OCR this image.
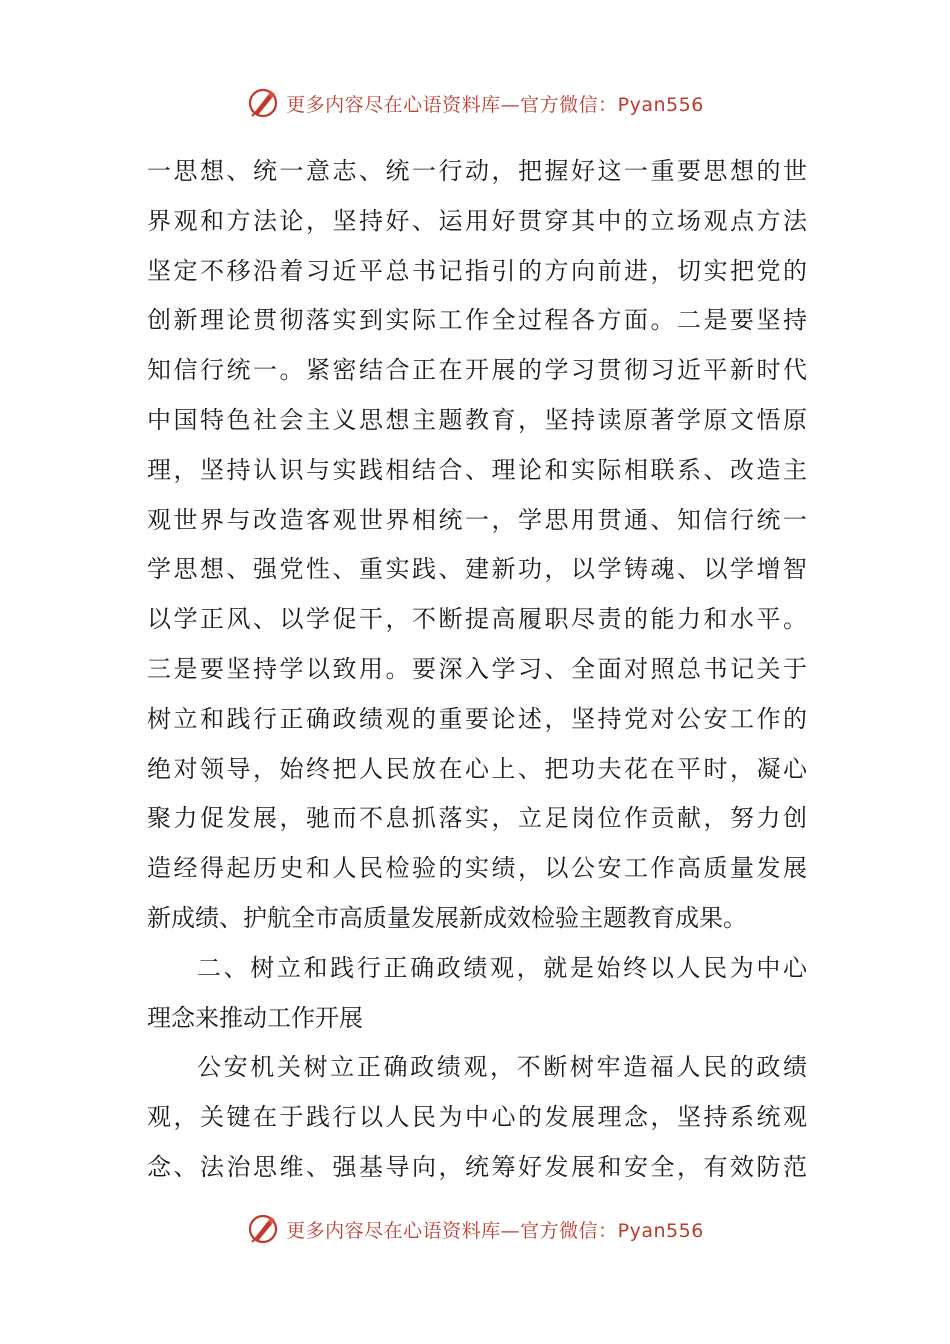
更多内容尽在心语资料库—官方微信：Pyan556
一思想、统一意志、统一行动，把握好这一重要思想的世
界观和方法论，坚持好、运用好贯穿其中的立场观点方法
坚定不移沿着习近平总书记指引的方向前进，切实把党的
创新理论贯彻落实到实际工作全过程各方面。二是要坚持
知信行统一。紧密结合正在开展的学习贯彻习近平新时代
中国特色社会主义思想主题教育，坚持读原著学原文悟原
理，坚持认识与实践相结合、理论和实际相联系、改造主
观世界与改造客观世界相统一，学思用贯通、知信行统一
学思想、强党性、重实践、建新功，以学铸魂、以学增智
以学正风、以学促干，不断提高履职尽责的能力和水平。
三是要坚持学以致用。要深入学习、全面对照总书记关于
树立和践行正确政绩观的重要论述，坚持党对公安工作的
绝对领导，始终把人民放在心上、把功夫花在平时，凝心
聚力促发展，驰而不息抓落实，立足岗位作贡献，努力创
造经得起历史和人民检验的实绩，以公安工作高质量发展
新成绩、护航全市高质量发展新成效检验主题教育成果。
二、树立和践行正确政绩观，就是始终以人民为中心
理念来推动工作开展
公安机关树立正确政绩观，不断树牢造福人民的政绩
观，关键在于践行以人民为中心的发展理念，坚持系统观
念、法治思维、强基导向，统筹好发展和安全，有效防范
更多内容尽在心语资料库—官方微信：Pyan556
